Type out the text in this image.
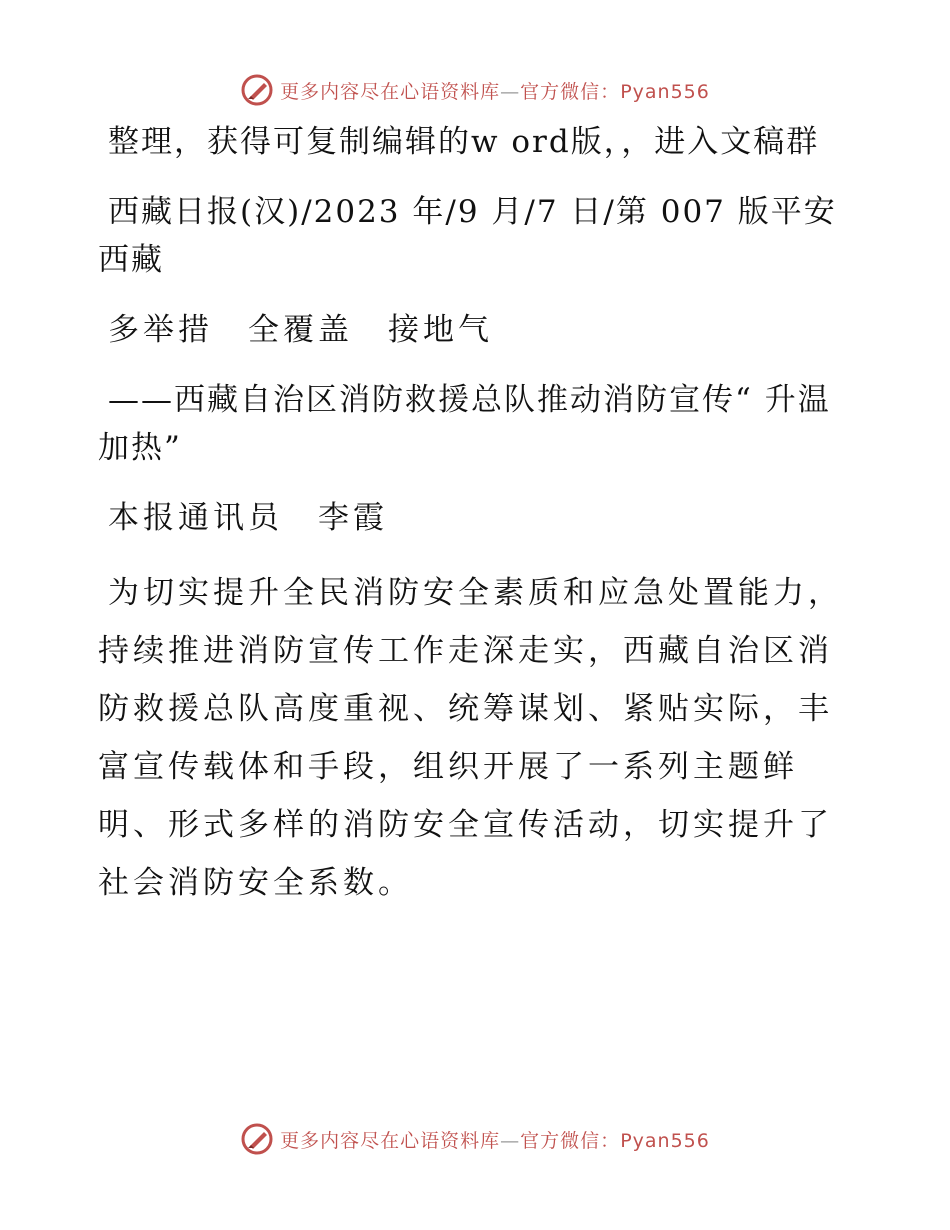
更多内容尽在心语资料库—官方微信：Pyan556

整理，获得可复制编辑的w ord版，，进入文稿群

西藏日报(汉)/2023 年/9 月/7 日/第 007 版平安西藏

多举措　全覆盖　接地气

——西藏自治区消防救援总队推动消防宣传“ 升温加热”

本报通讯员　李霞

为切实提升全民消防安全素质和应急处置能力，持续推进消防宣传工作走深走实，西藏自治区消防救援总队高度重视、统筹谋划、紧贴实际，丰富宣传载体和手段，组织开展了一系列主题鲜明、形式多样的消防安全宣传活动，切实提升了社会消防安全系数。

更多内容尽在心语资料库—官方微信：Pyan556
